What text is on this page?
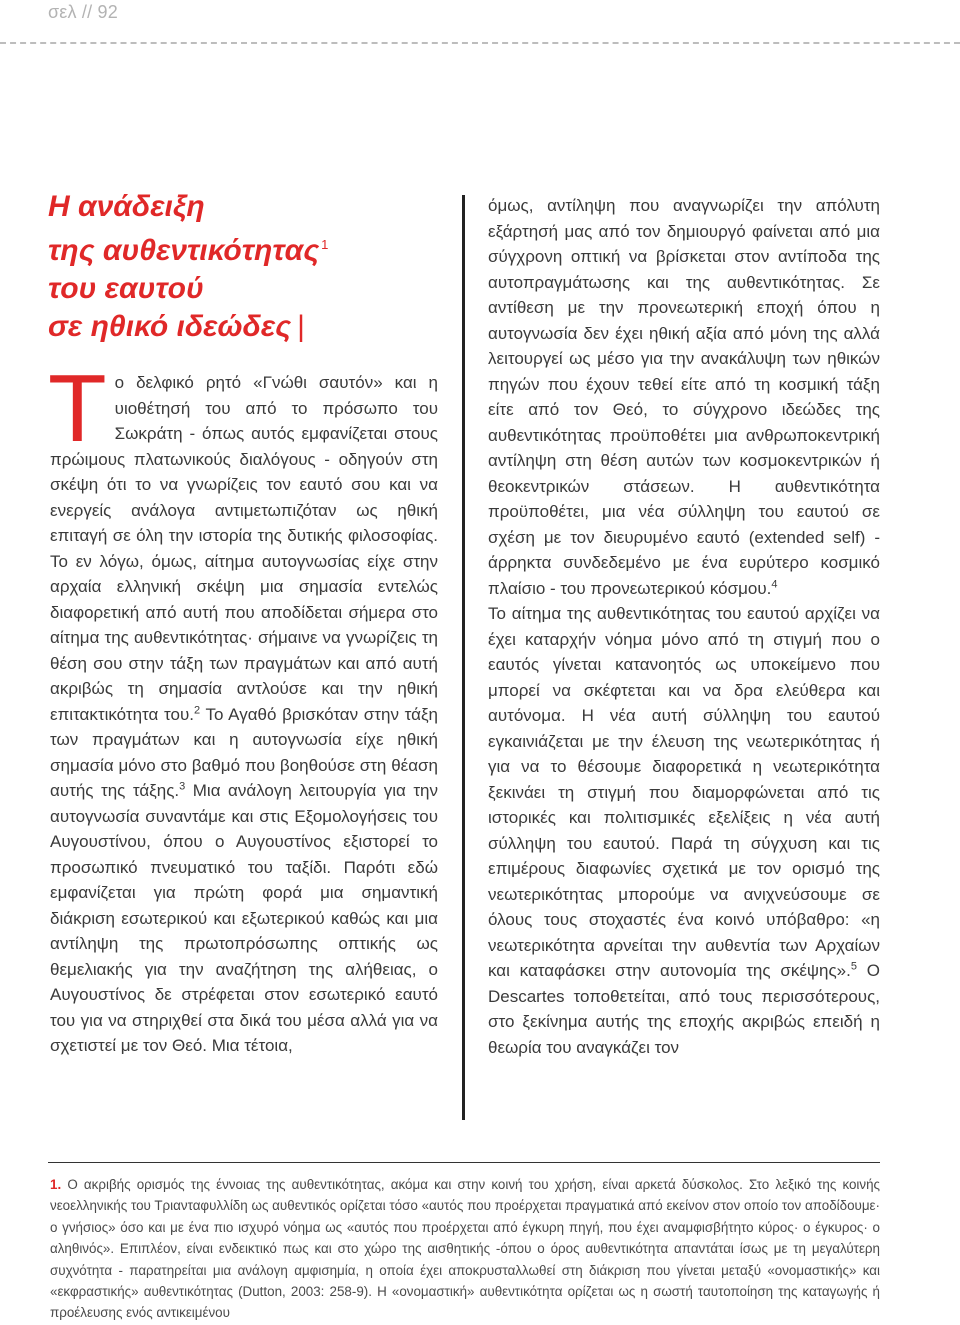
σελ // 92
Η ανάδειξη
της αυθεντικότητας $^1$
του εαυτού
σε ηθικό ιδεώδες |

Το δελφικό ρητό «Γνώθι σαυτόν» και η υιοθέτησή του από το πρόσωπο του Σωκράτη - όπως αυτός εμφανίζεται στους πρώιμους πλατωνικούς διαλόγους - οδηγούν στη σκέψη ότι το να γνωρίζεις τον εαυτό σου και να ενεργείς ανάλογα αντιμετωπιζόταν ως ηθική επιταγή σε όλη την ιστορία της δυτικής φιλοσοφίας. Το εν λόγω, όμως, αίτημα αυτογνωσίας είχε στην αρχαία ελληνική σκέψη μια σημασία εντελώς διαφορετική από αυτή που αποδίδεται σήμερα στο αίτημα της αυθεντικότητας· σήμαινε να γνωρίζεις τη θέση σου στην τάξη των πραγμάτων και από αυτή ακριβώς τη σημασία αντλούσε και την ηθική επιτακτικότητα του.$^2$ Το Αγαθό βρισκόταν στην τάξη των πραγμάτων και η αυτογνωσία είχε ηθική σημασία μόνο στο βαθμό που βοηθούσε στη θέαση αυτής της τάξης.$^3$ Μια ανάλογη λειτουργία για την αυτογνωσία συναντάμε και στις Εξομολογήσεις του Αυγουστίνου, όπου ο Αυγουστίνος εξιστορεί το προσωπικό πνευματικό του ταξίδι. Παρότι εδώ εμφανίζεται για πρώτη φορά μια σημαντική διάκριση εσωτερικού και εξωτερικού καθώς και μια αντίληψη της πρωτοπρόσωπης οπτικής ως θεμελιακής για την αναζήτηση της αλήθειας, ο Αυγουστίνος δε στρέφεται στον εσωτερικό εαυτό του για να στηριχθεί στα δικά του μέσα αλλά για να σχετιστεί με τον Θεό. Μια τέτοια,

όμως, αντίληψη που αναγνωρίζει την απόλυτη εξάρτησή μας από τον δημιουργό φαίνεται από μια σύγχρονη οπτική να βρίσκεται στον αντίποδα της αυτοπραγμάτωσης και της αυθεντικότητας. Σε αντίθεση με την προνεωτερική εποχή όπου η αυτογνωσία δεν έχει ηθική αξία από μόνη της αλλά λειτουργεί ως μέσο για την ανακάλυψη των ηθικών πηγών που έχουν τεθεί είτε από τη κοσμική τάξη είτε από τον Θεό, το σύγχρονο ιδεώδες της αυθεντικότητας προϋποθέτει μια ανθρωποκεντρική αντίληψη στη θέση αυτών των κοσμοκεντρικών ή θεοκεντρικών στάσεων. Η αυθεντικότητα προϋποθέτει, μια νέα σύλληψη του εαυτού σε σχέση με τον διευρυμένο εαυτό (extended self) - άρρηκτα συνδεδεμένο με ένα ευρύτερο κοσμικό πλαίσιο - του προνεωτερικού κόσμου.$^4$

Το αίτημα της αυθεντικότητας του εαυτού αρχίζει να έχει καταρχήν νόημα μόνο από τη στιγμή που ο εαυτός γίνεται κατανοητός ως υποκείμενο που μπορεί να σκέφτεται και να δρα ελεύθερα και αυτόνομα. Η νέα αυτή σύλληψη του εαυτού εγκαινιάζεται με την έλευση της νεωτερικότητας ή για να το θέσουμε διαφορετικά η νεωτερικότητα ξεκινάει τη στιγμή που διαμορφώνεται από τις ιστορικές και πολιτισμικές εξελίξεις η νέα αυτή σύλληψη του εαυτού. Παρά τη σύγχυση και τις επιμέρους διαφωνίες σχετικά με τον ορισμό της νεωτερικότητας μπορούμε να ανιχνεύσουμε σε όλους τους στοχαστές ένα κοινό υπόβαθρο: «η νεωτερικότητα αρνείται την αυθεντία των Αρχαίων και καταφάσκει στην αυτονομία της σκέψης».$^5$ Ο Descartes τοποθετείται, από τους περισσότερους, στο ξεκίνημα αυτής της εποχής ακριβώς επειδή η θεωρία του αναγκάζει τον

1. Ο ακριβής ορισμός της έννοιας της αυθεντικότητας, ακόμα και στην κοινή του χρήση, είναι αρκετά δύσκολος. Στο λεξικό της κοινής νεοελληνικής του Τριανταφυλλίδη ως αυθεντικός ορίζεται τόσο «αυτός που προέρχεται πραγματικά από εκείνον στον οποίο τον αποδίδουμε· ο γνήσιος» όσο και με ένα πιο ισχυρό νόημα ως «αυτός που προέρχεται από έγκυρη πηγή, που έχει αναμφισβήτητο κύρος· ο έγκυρος· ο αληθινός». Επιπλέον, είναι ενδεικτικό πως και στο χώρο της αισθητικής -όπου ο όρος αυθεντικότητα απαντάται ίσως με τη μεγαλύτερη συχνότητα - παρατηρείται μια ανάλογη αμφισημία, η οποία έχει αποκρυσταλλωθεί στη διάκριση που γίνεται μεταξύ «ονομαστικής» και «εκφραστικής» αυθεντικότητας (Dutton, 2003: 258-9). Η «ονομαστική» αυθεντικότητα ορίζεται ως η σωστή ταυτοποίηση της καταγωγής ή προέλευσης ενός αντικειμένου
